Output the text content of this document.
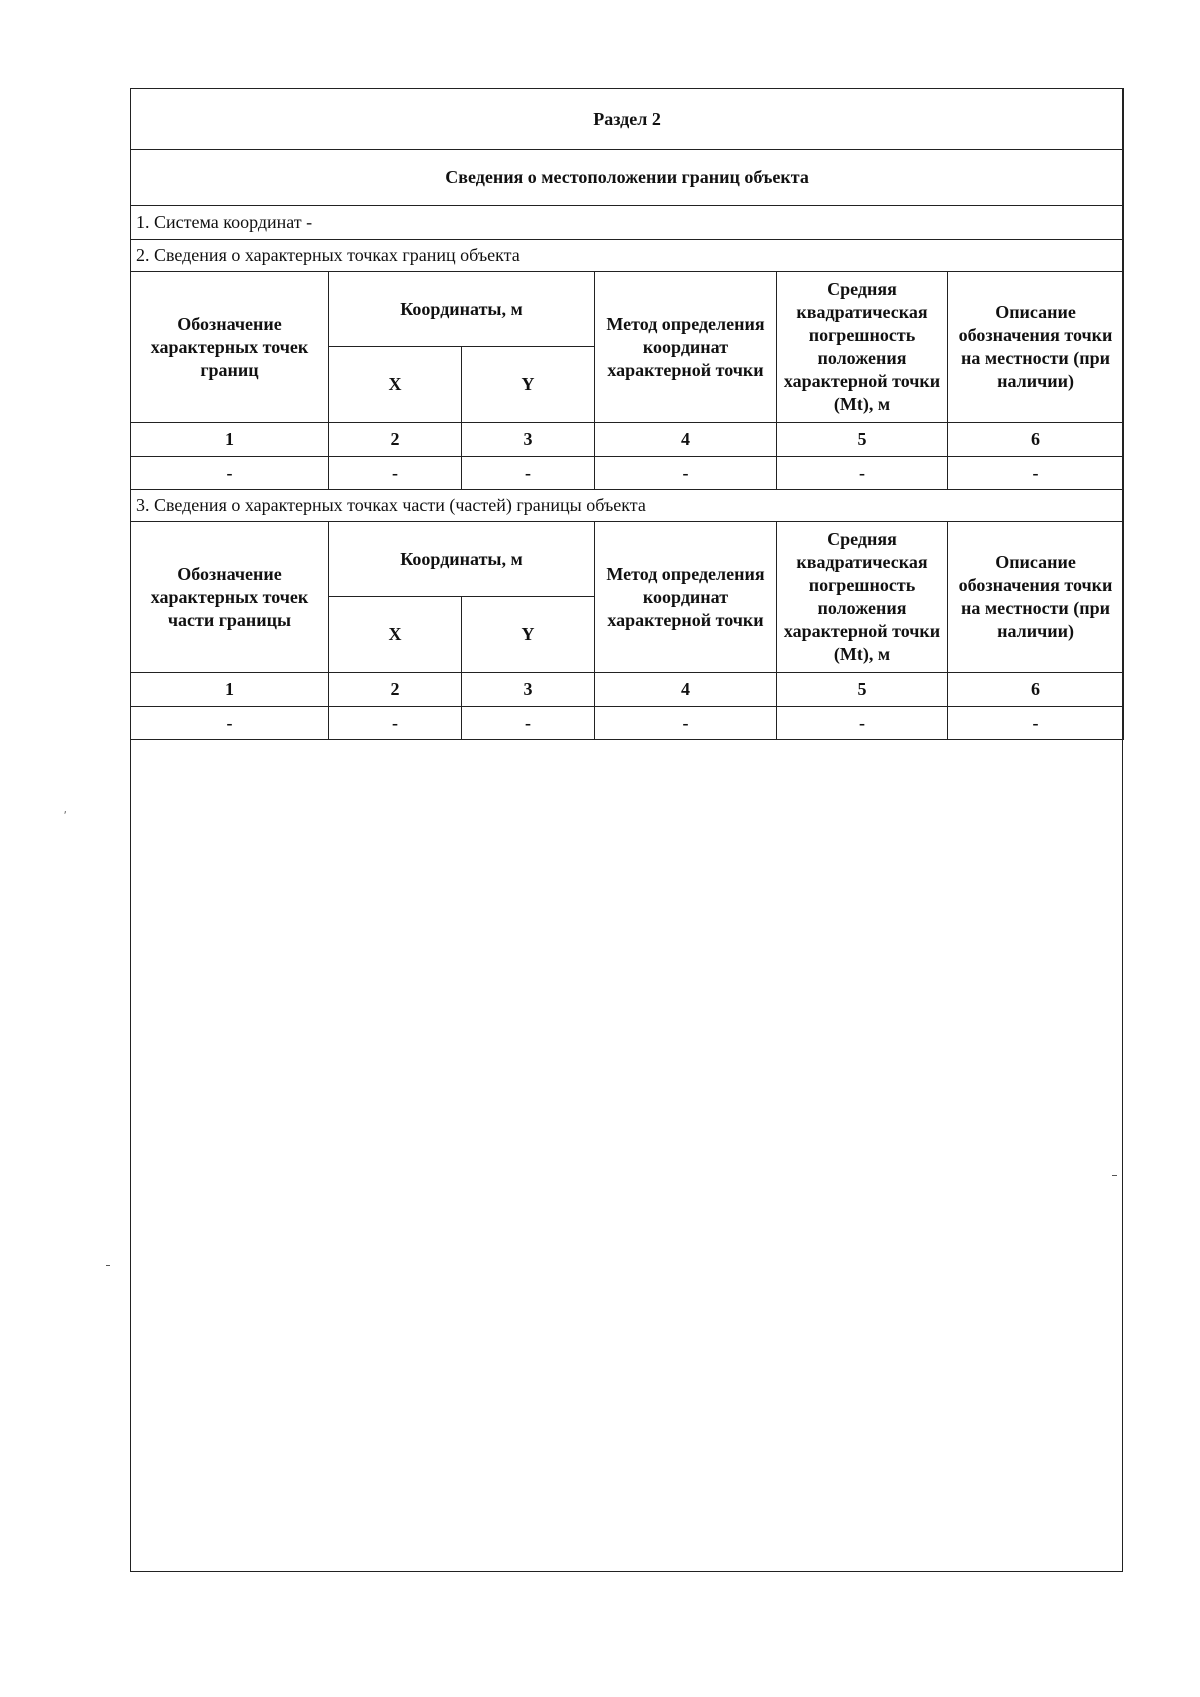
Раздел 2					
Сведения о местоположении границ объекта					
1. Система координат -					
2. Сведения о характерных точках границ объекта					
Обозначение характерных точек границ	Координаты, м		Метод определения координат характерной точки	Средняя квадратическая погрешность положения характерной точки (Mt), м	Описание обозначения точки на местности (при наличии)
	X	Y			
1	2	3	4	5	6
-	-	-	-	-	-
3. Сведения о характерных точках части (частей) границы объекта					
Обозначение характерных точек части границы	Координаты, м		Метод определения координат характерной точки	Средняя квадратическая погрешность положения характерной точки (Mt), м	Описание обозначения точки на местности (при наличии)
	X	Y			
1	2	3	4	5	6
-	-	-	-	-	-
ʹ
